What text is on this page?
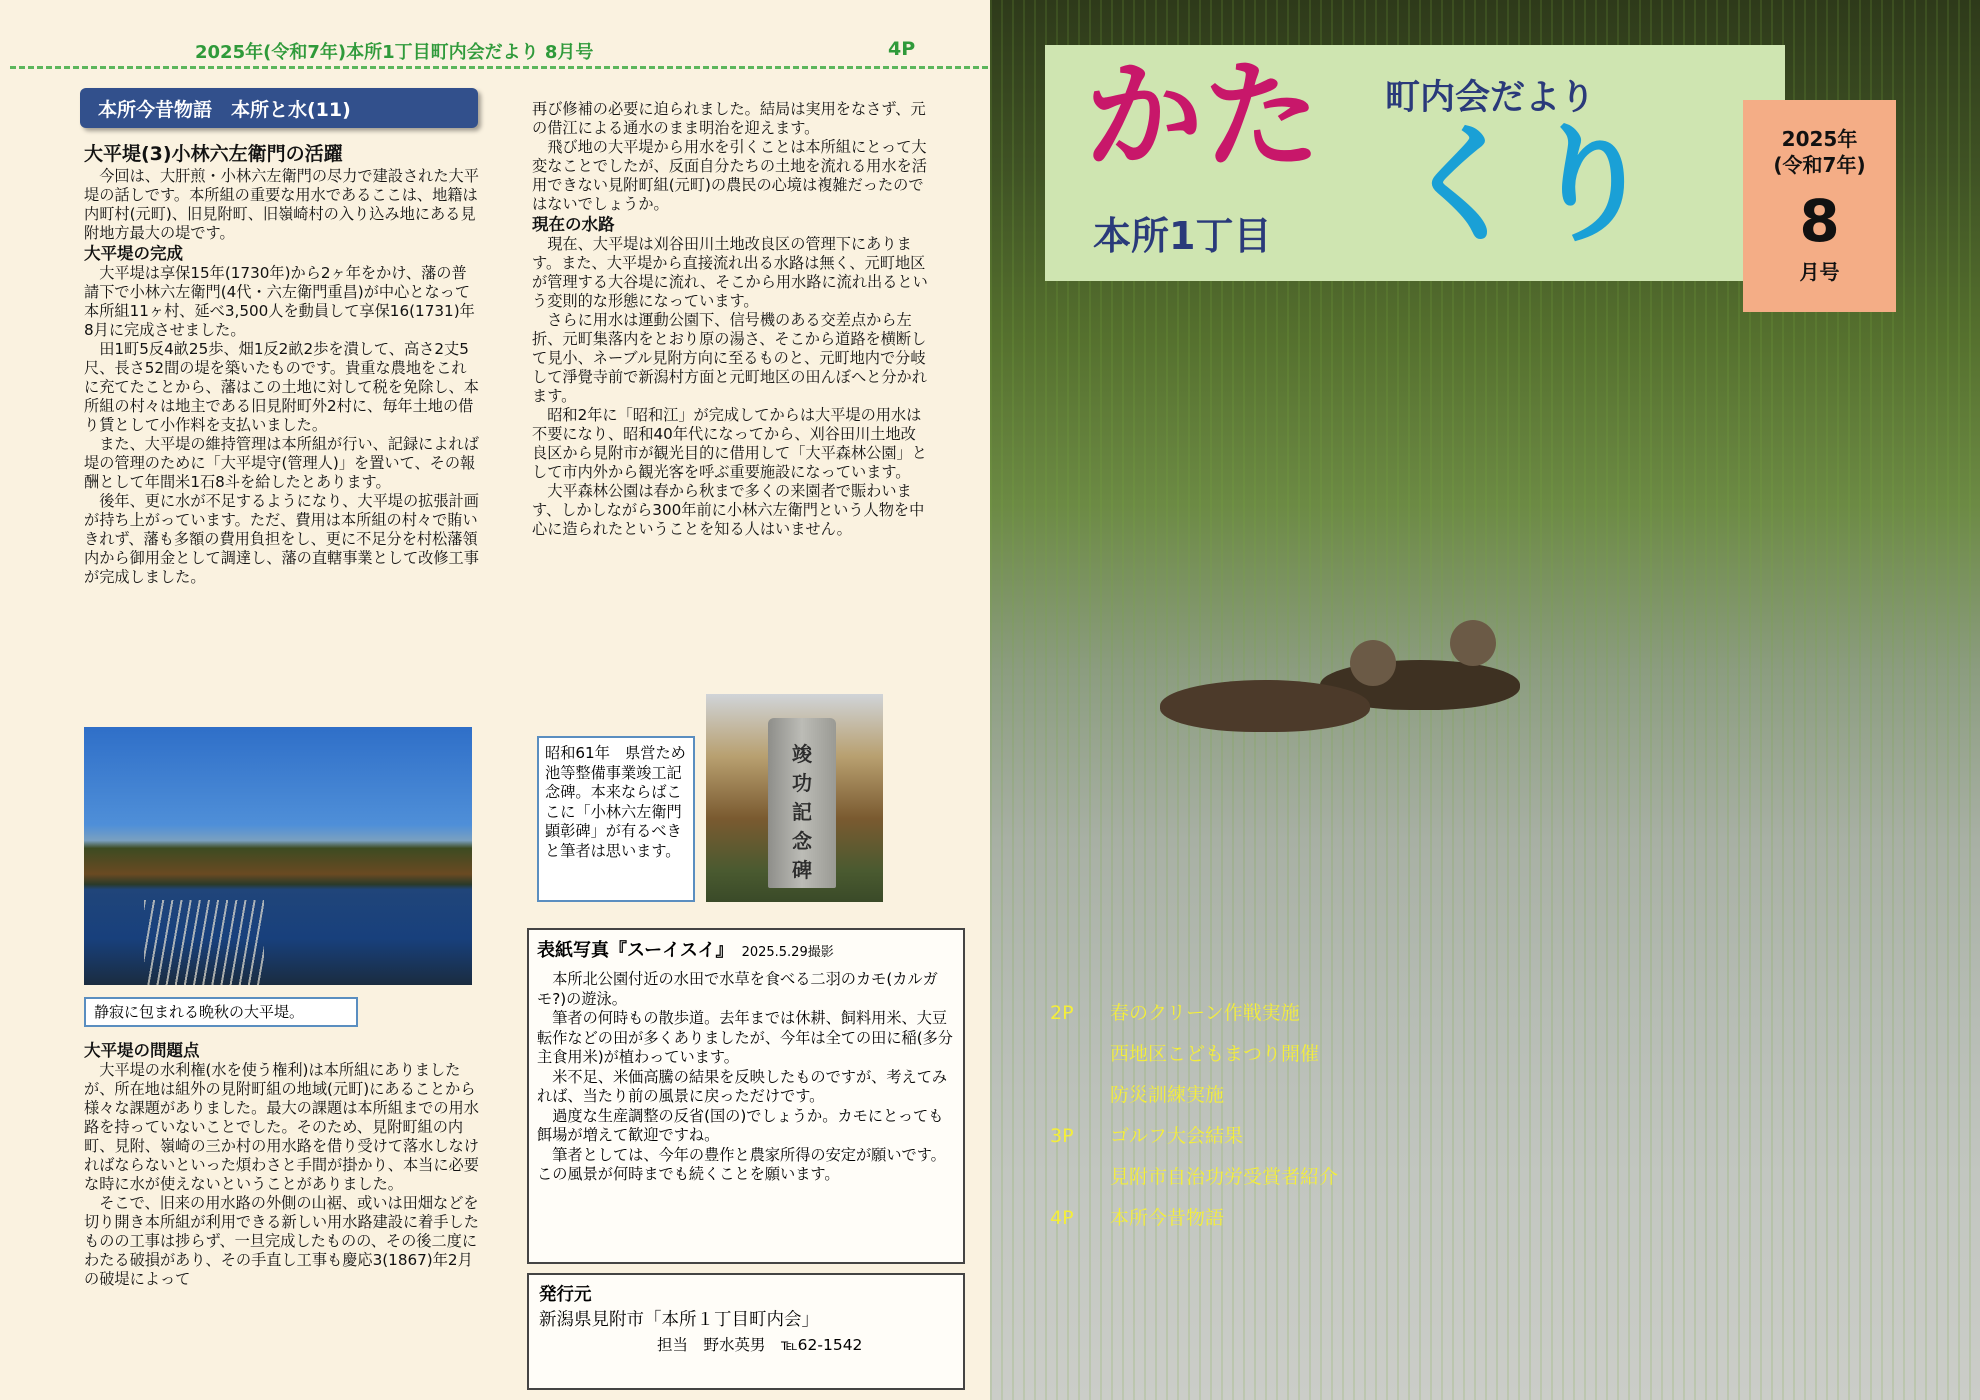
2025年(令和7年)本所1丁目町内会だより 8月号	4P
本所今昔物語　本所と水(11)
大平堤(3)小林六左衛門の活躍

今回は、大肝煎・小林六左衛門の尽力で建設された大平堤の話しです。本所組の重要な用水であるここは、地籍は内町村(元町)、旧見附町、旧嶺崎村の入り込み地にある見附地方最大の堤です。

大平堤の完成

大平堤は享保15年(1730年)から2ヶ年をかけ、藩の普請下で小林六左衛門(4代・六左衛門重昌)が中心となって本所組11ヶ村、延べ3,500人を動員して享保16(1731)年8月に完成させました。

田1町5反4畝25歩、畑1反2畝2歩を潰して、高さ2丈5尺、長さ52間の堤を築いたものです。貴重な農地をこれに充てたことから、藩はこの土地に対して税を免除し、本所組の村々は地主である旧見附町外2村に、毎年土地の借り賃として小作料を支払いました。

また、大平堤の維持管理は本所組が行い、記録によれば堤の管理のために「大平堤守(管理人)」を置いて、その報酬として年間米1石8斗を給したとあります。

後年、更に水が不足するようになり、大平堤の拡張計画が持ち上がっています。ただ、費用は本所組の村々で賄いきれず、藩も多額の費用負担をし、更に不足分を村松藩領内から御用金として調達し、藩の直轄事業として改修工事が完成しました。

静寂に包まれる晩秋の大平堤。
大平堤の問題点

大平堤の水利権(水を使う権利)は本所組にありましたが、所在地は組外の見附町組の地域(元町)にあることから様々な課題がありました。最大の課題は本所組までの用水路を持っていないことでした。そのため、見附町組の内町、見附、嶺崎の三か村の用水路を借り受けて落水しなければならないといった煩わさと手間が掛かり、本当に必要な時に水が使えないということがありました。

そこで、旧来の用水路の外側の山裾、或いは田畑などを切り開き本所組が利用できる新しい用水路建設に着手したものの工事は捗らず、一旦完成したものの、その後二度にわたる破損があり、その手直し工事も慶応3(1867)年2月の破堤によって

再び修補の必要に迫られました。結局は実用をなさず、元の借江による通水のまま明治を迎えます。

飛び地の大平堤から用水を引くことは本所組にとって大変なことでしたが、反面自分たちの土地を流れる用水を活用できない見附町組(元町)の農民の心境は複雑だったのではないでしょうか。

現在の水路

現在、大平堤は刈谷田川土地改良区の管理下にあります。また、大平堤から直接流れ出る水路は無く、元町地区が管理する大谷堤に流れ、そこから用水路に流れ出るという変則的な形態になっています。

さらに用水は運動公園下、信号機のある交差点から左折、元町集落内をとおり原の湯さ、そこから道路を横断して見小、ネーブル見附方向に至るものと、元町地内で分岐して淨覺寺前で新潟村方面と元町地区の田んぼへと分かれます。

昭和2年に「昭和江」が完成してからは大平堤の用水は不要になり、昭和40年代になってから、刈谷田川土地改良区から見附市が観光目的に借用して「大平森林公園」として市内外から観光客を呼ぶ重要施設になっています。

大平森林公園は春から秋まで多くの来園者で賑わいます、しかしながら300年前に小林六左衛門という人物を中心に造られたということを知る人はいません。

昭和61年　県営ため池等整備事業竣工記念碑。本来ならばここに「小林六左衛門顕彰碑」が有るべきと筆者は思います。
竣功記念碑
表紙写真『スーイスイ』 2025.5.29撮影

本所北公園付近の水田で水草を食べる二羽のカモ(カルガモ?)の遊泳。

筆者の何時もの散歩道。去年までは休耕、飼料用米、大豆転作などの田が多くありましたが、今年は全ての田に稲(多分主食用米)が植わっています。

米不足、米価高騰の結果を反映したものですが、考えてみれば、当たり前の風景に戻っただけです。

過度な生産調整の反省(国の)でしょうか。カモにとっても餌場が増えて歓迎ですね。

筆者としては、今年の豊作と農家所得の安定が願いです。この風景が何時までも続くことを願います。

発行元
新潟県見附市「本所１丁目町内会」
担当　野水英男　℡62-1542
かた 町内会だより
くり
本所1丁目
2025年
(令和7年)
8
月号
2P	春のクリーン作戦実施
西地区こどもまつり開催
防災訓練実施
3P	ゴルフ大会結果
見附市自治功労受賞者紹介
4P	本所今昔物語
